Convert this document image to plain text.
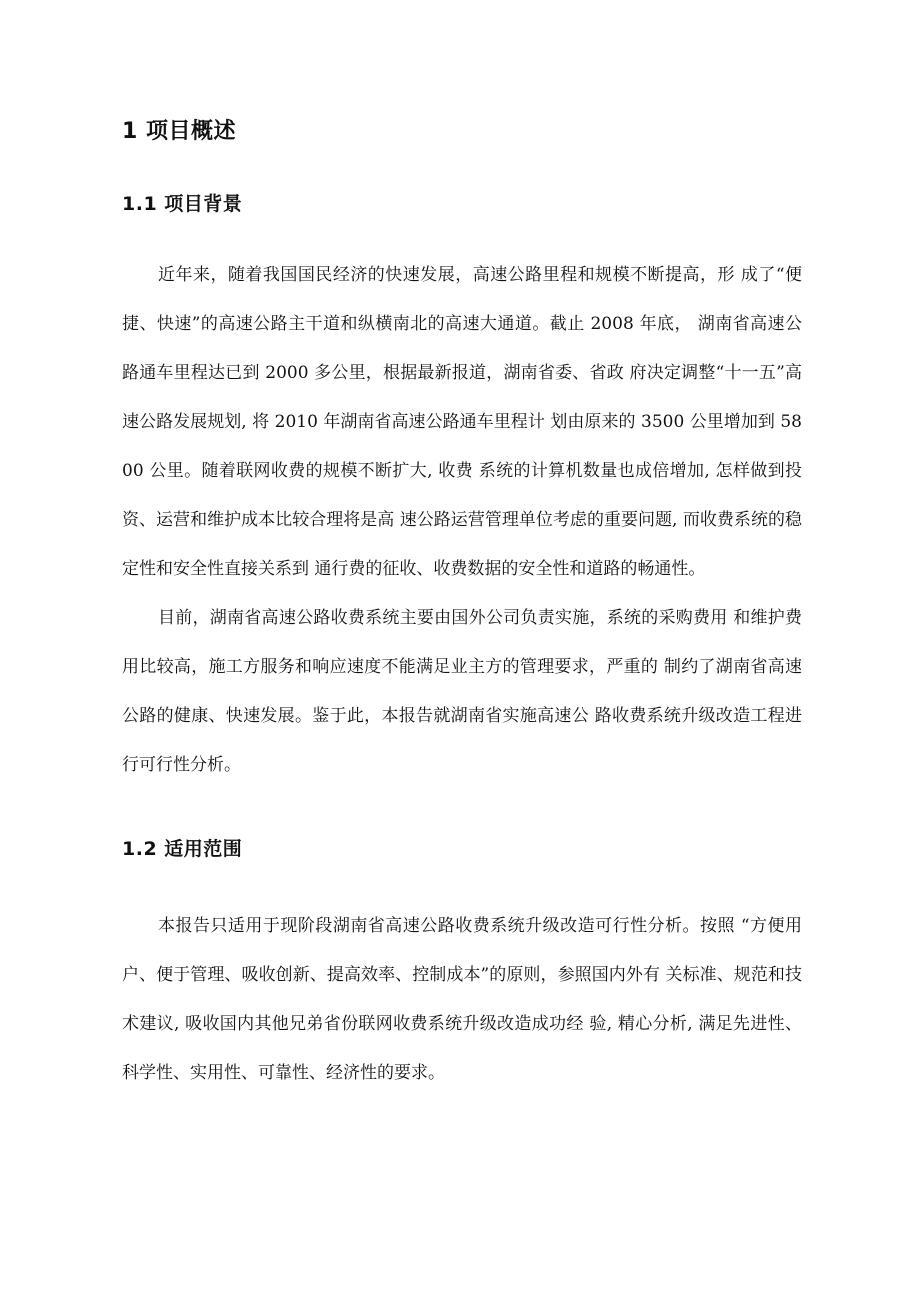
1 项目概述
1.1 项目背景

近年来，随着我国国民经济的快速发展，高速公路里程和规模不断提高，形 成了“便捷、快速”的高速公路主干道和纵横南北的高速大通道。截止 2008 年底， 湖南省高速公路通车里程达已到 2000 多公里，根据最新报道，湖南省委、省政 府决定调整“十一五”高速公路发展规划, 将 2010 年湖南省高速公路通车里程计 划由原来的 3500 公里增加到 5800 公里。随着联网收费的规模不断扩大, 收费 系统的计算机数量也成倍增加, 怎样做到投资、运营和维护成本比较合理将是高 速公路运营管理单位考虑的重要问题, 而收费系统的稳定性和安全性直接关系到 通行费的征收、收费数据的安全性和道路的畅通性。

目前，湖南省高速公路收费系统主要由国外公司负责实施，系统的采购费用 和维护费用比较高，施工方服务和响应速度不能满足业主方的管理要求，严重的 制约了湖南省高速公路的健康、快速发展。鉴于此，本报告就湖南省实施高速公 路收费系统升级改造工程进行可行性分析。

1.2 适用范围

本报告只适用于现阶段湖南省高速公路收费系统升级改造可行性分析。按照 “方便用户、便于管理、吸收创新、提高效率、控制成本”的原则，参照国内外有 关标准、规范和技术建议, 吸收国内其他兄弟省份联网收费系统升级改造成功经 验, 精心分析, 满足先进性、科学性、实用性、可靠性、经济性的要求。
